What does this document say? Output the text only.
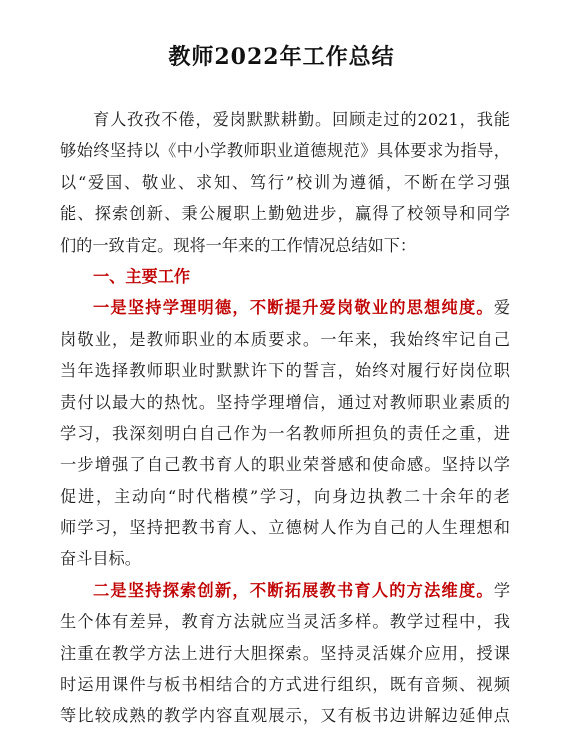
教师2022年工作总结
育人孜孜不倦，爱岗默默耕勤。回顾走过的2021，我能
够始终坚持以《中小学教师职业道德规范》具体要求为指导，
以“爱国、敬业、求知、笃行”校训为遵循，不断在学习强
能、探索创新、秉公履职上勤勉进步，赢得了校领导和同学
们的一致肯定。现将一年来的工作情况总结如下：
一、主要工作
一是坚持学理明德，不断提升爱岗敬业的思想纯度。爱
岗敬业，是教师职业的本质要求。一年来，我始终牢记自己
当年选择教师职业时默默许下的誓言，始终对履行好岗位职
责付以最大的热忱。坚持学理增信，通过对教师职业素质的
学习，我深刻明白自己作为一名教师所担负的责任之重，进
一步增强了自己教书育人的职业荣誉感和使命感。坚持以学
促进，主动向“时代楷模”学习，向身边执教二十余年的老
师学习，坚持把教书育人、立德树人作为自己的人生理想和
奋斗目标。
二是坚持探索创新，不断拓展教书育人的方法维度。学
生个体有差异，教育方法就应当灵活多样。教学过程中，我
注重在教学方法上进行大胆探索。坚持灵活媒介应用，授课
时运用课件与板书相结合的方式进行组织，既有音频、视频
等比较成熟的教学内容直观展示，又有板书边讲解边延伸点
